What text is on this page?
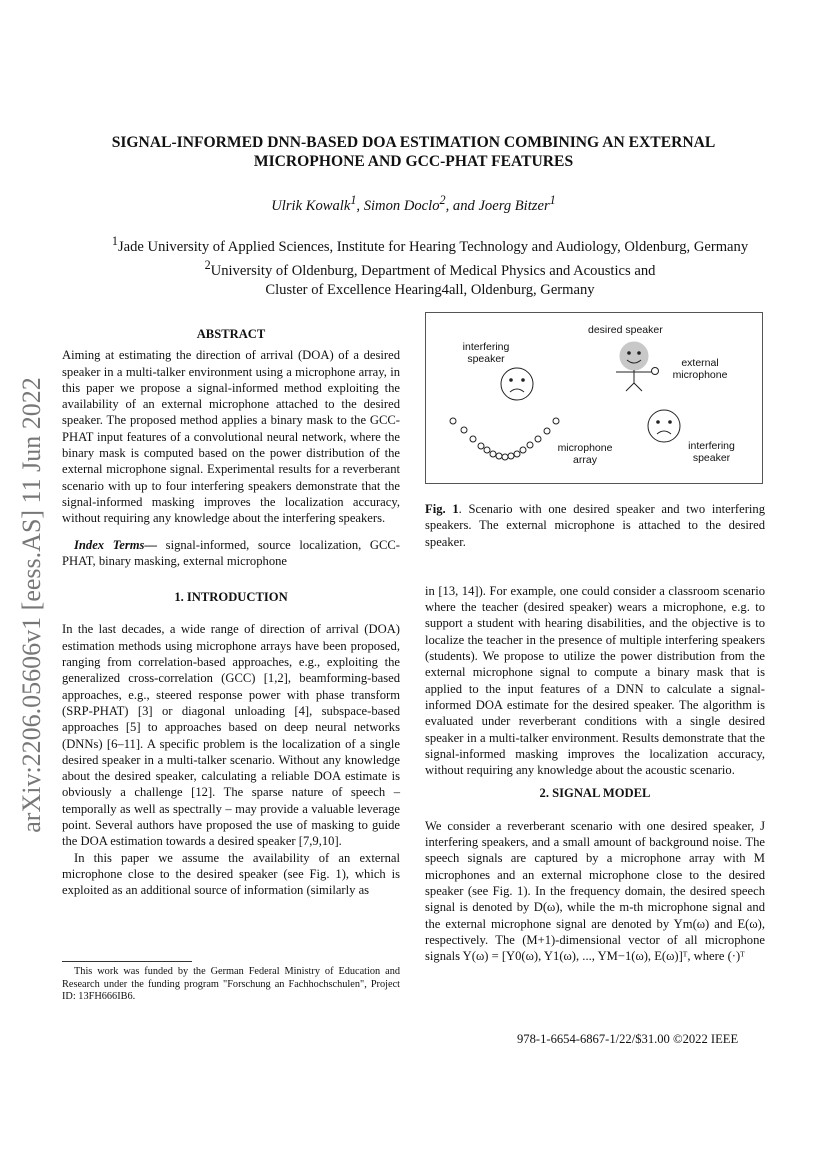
arXiv:2206.05606v1 [eess.AS] 11 Jun 2022
SIGNAL-INFORMED DNN-BASED DOA ESTIMATION COMBINING AN EXTERNAL
MICROPHONE AND GCC-PHAT FEATURES
Ulrik Kowalk$^1$, Simon Doclo$^2$, and Joerg Bitzer$^1$
$^1$Jade University of Applied Sciences, Institute for Hearing Technology and Audiology, Oldenburg, Germany
$^2$University of Oldenburg, Department of Medical Physics and Acoustics and
Cluster of Excellence Hearing4all, Oldenburg, Germany
ABSTRACT

Aiming at estimating the direction of arrival (DOA) of a desired speaker in a multi-talker environment using a microphone array, in this paper we propose a signal-informed method exploiting the availability of an external microphone attached to the desired speaker. The proposed method applies a binary mask to the GCC-PHAT input features of a convolutional neural network, where the binary mask is computed based on the power distribution of the external microphone signal. Experimental results for a reverberant scenario with up to four interfering speakers demonstrate that the signal-informed masking improves the localization accuracy, without requiring any knowledge about the interfering speakers.

Index Terms— signal-informed, source localization, GCC-PHAT, binary masking, external microphone

1. INTRODUCTION

In the last decades, a wide range of direction of arrival (DOA) estimation methods using microphone arrays have been proposed, ranging from correlation-based approaches, e.g., exploiting the generalized cross-correlation (GCC) [1,2], beamforming-based approaches, e.g., steered response power with phase transform (SRP-PHAT) [3] or diagonal unloading [4], subspace-based approaches [5] to approaches based on deep neural networks (DNNs) [6–11]. A specific problem is the localization of a single desired speaker in a multi-talker scenario. Without any knowledge about the desired speaker, calculating a reliable DOA estimate is obviously a challenge [12]. The sparse nature of speech – temporally as well as spectrally – may provide a valuable leverage point. Several authors have proposed the use of masking to guide the DOA estimation towards a desired speaker [7,9,10].

In this paper we assume the availability of an external microphone close to the desired speaker (see Fig. 1), which is exploited as an additional source of information (similarly as

This work was funded by the German Federal Ministry of Education and Research under the funding program "Forschung an Fachhochschulen", Project ID: 13FH666IB6.
desired speaker
interfering speaker	external microphone
microphone array
interfering speaker

Fig. 1. Scenario with one desired speaker and two interfering speakers. The external microphone is attached to the desired speaker.

in [13, 14]). For example, one could consider a classroom scenario where the teacher (desired speaker) wears a microphone, e.g. to support a student with hearing disabilities, and the objective is to localize the teacher in the presence of multiple interfering speakers (students). We propose to utilize the power distribution from the external microphone signal to compute a binary mask that is applied to the input features of a DNN to calculate a signal-informed DOA estimate for the desired speaker. The algorithm is evaluated under reverberant conditions with a single desired speaker in a multi-talker environment. Results demonstrate that the signal-informed masking improves the localization accuracy, without requiring any knowledge about the acoustic scenario.

2. SIGNAL MODEL

We consider a reverberant scenario with one desired speaker, J interfering speakers, and a small amount of background noise. The speech signals are captured by a microphone array with M microphones and an external microphone close to the desired speaker (see Fig. 1). In the frequency domain, the desired speech signal is denoted by D(ω), while the m-th microphone signal and the external microphone signal are denoted by Ym(ω) and E(ω), respectively. The (M+1)-dimensional vector of all microphone signals Y(ω) = [Y0(ω), Y1(ω), ..., YM−1(ω), E(ω)]ᵀ, where (·)ᵀ

978-1-6654-6867-1/22/$31.00 ©2022 IEEE
